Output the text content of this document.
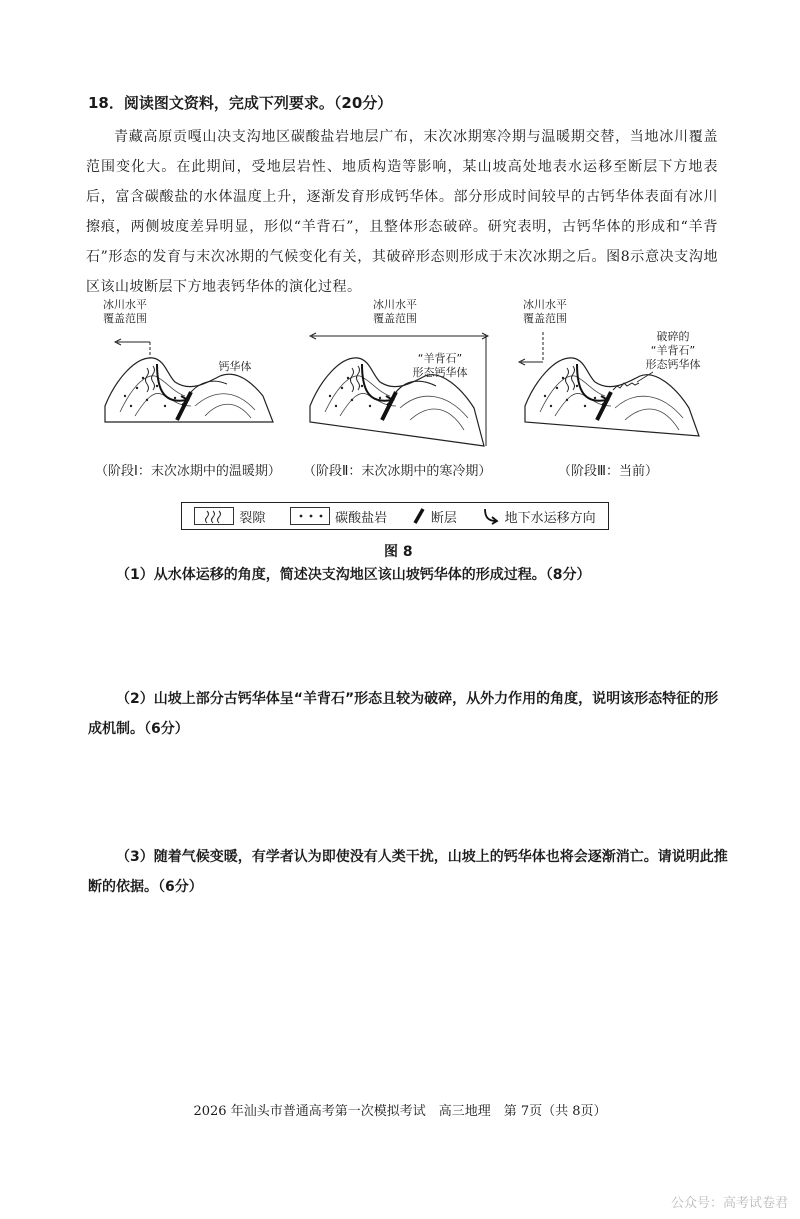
18．阅读图文资料，完成下列要求。（20分）
青藏高原贡嘎山决支沟地区碳酸盐岩地层广布，末次冰期寒冷期与温暖期交替，当地冰川覆盖范围变化大。在此期间，受地层岩性、地质构造等影响，某山坡高处地表水运移至断层下方地表后，富含碳酸盐的水体温度上升，逐渐发育形成钙华体。部分形成时间较早的古钙华体表面有冰川擦痕，两侧坡度差异明显，形似“羊背石”，且整体形态破碎。研究表明，古钙华体的形成和“羊背石”形态的发育与末次冰期的气候变化有关，其破碎形态则形成于末次冰期之后。图8示意决支沟地区该山坡断层下方地表钙华体的演化过程。
冰川水平
覆盖范围
钙华体
冰川水平
覆盖范围
“羊背石”
形态钙华体
冰川水平
覆盖范围
破碎的
“羊背石”
形态钙华体
（阶段Ⅰ：末次冰期中的温暖期） （阶段Ⅱ：末次冰期中的寒冷期）	（阶段Ⅲ：当前）
裂隙	碳酸盐岩	断层	地下水运移方向
图 8
（1）从水体运移的角度，简述决支沟地区该山坡钙华体的形成过程。（8分）
（2）山坡上部分古钙华体呈“羊背石”形态且较为破碎，从外力作用的角度，说明该形态特征的形成机制。（6分）
（3）随着气候变暖，有学者认为即使没有人类干扰，山坡上的钙华体也将会逐渐消亡。请说明此推断的依据。（6分）
2026 年汕头市普通高考第一次模拟考试　高三地理　第 7页（共 8页）
公众号：高考试卷君
